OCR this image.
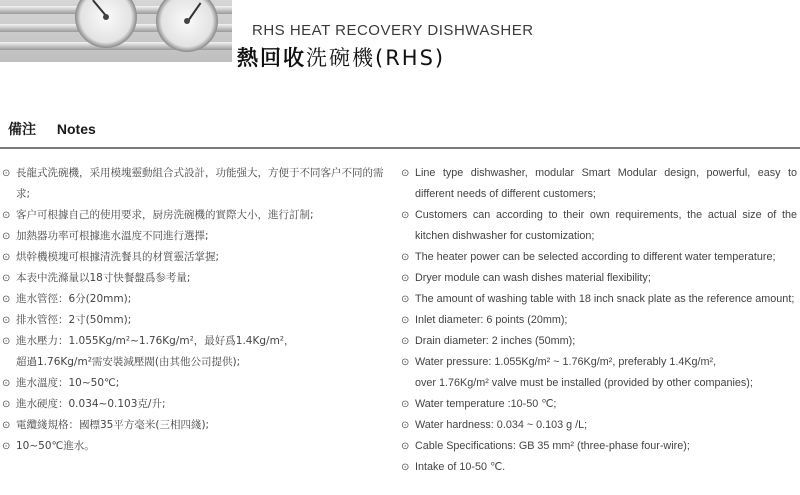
RHS HEAT RECOVERY DISHWASHER
熱回收洗碗機(RHS)
備注 Notes
⊙ 長龍式洗碗機，采用模塊靈動組合式設計，功能强大，方便于不同客户不同的需求;
⊙ 客户可根據自己的使用要求，厨房洗碗機的實際大小，進行訂制;
⊙ 加熱器功率可根據進水溫度不同進行選擇;
⊙ 烘幹機模塊可根據清洗餐具的材質靈活掌握;
⊙ 本表中洗滌量以18寸快餐盤爲参考量;
⊙ 進水管徑：6分(20mm);
⊙ 排水管徑：2寸(50mm);
⊙ 進水壓力：1.055Kg/m²~1.76Kg/m²，最好爲1.4Kg/m²，
超過1.76Kg/m²需安裝減壓閥(由其他公司提供);
⊙ 進水溫度：10~50℃;
⊙ 進水硬度：0.034~0.103克/升;
⊙ 電纜綫規格：國標35平方毫米(三相四綫);
⊙ 10~50℃進水。
⊙ Line type dishwasher, modular Smart Modular design, powerful, easy to different needs of different customers;
⊙ Customers can according to their own requirements, the actual size of the kitchen dishwasher for customization;
⊙ The heater power can be selected according to different water temperature;
⊙ Dryer module can wash dishes material flexibility;
⊙ The amount of washing table with 18 inch snack plate as the reference amount;
⊙ Inlet diameter: 6 points (20mm);
⊙ Drain diameter: 2 inches (50mm);
⊙ Water pressure: 1.055Kg/m² ~ 1.76Kg/m², preferably 1.4Kg/m²,
over 1.76Kg/m² valve must be installed (provided by other companies);
⊙ Water temperature :10-50 ℃;
⊙ Water hardness: 0.034 ~ 0.103 g /L;
⊙ Cable Specifications: GB 35 mm² (three-phase four-wire);
⊙ Intake of 10-50 ℃.
